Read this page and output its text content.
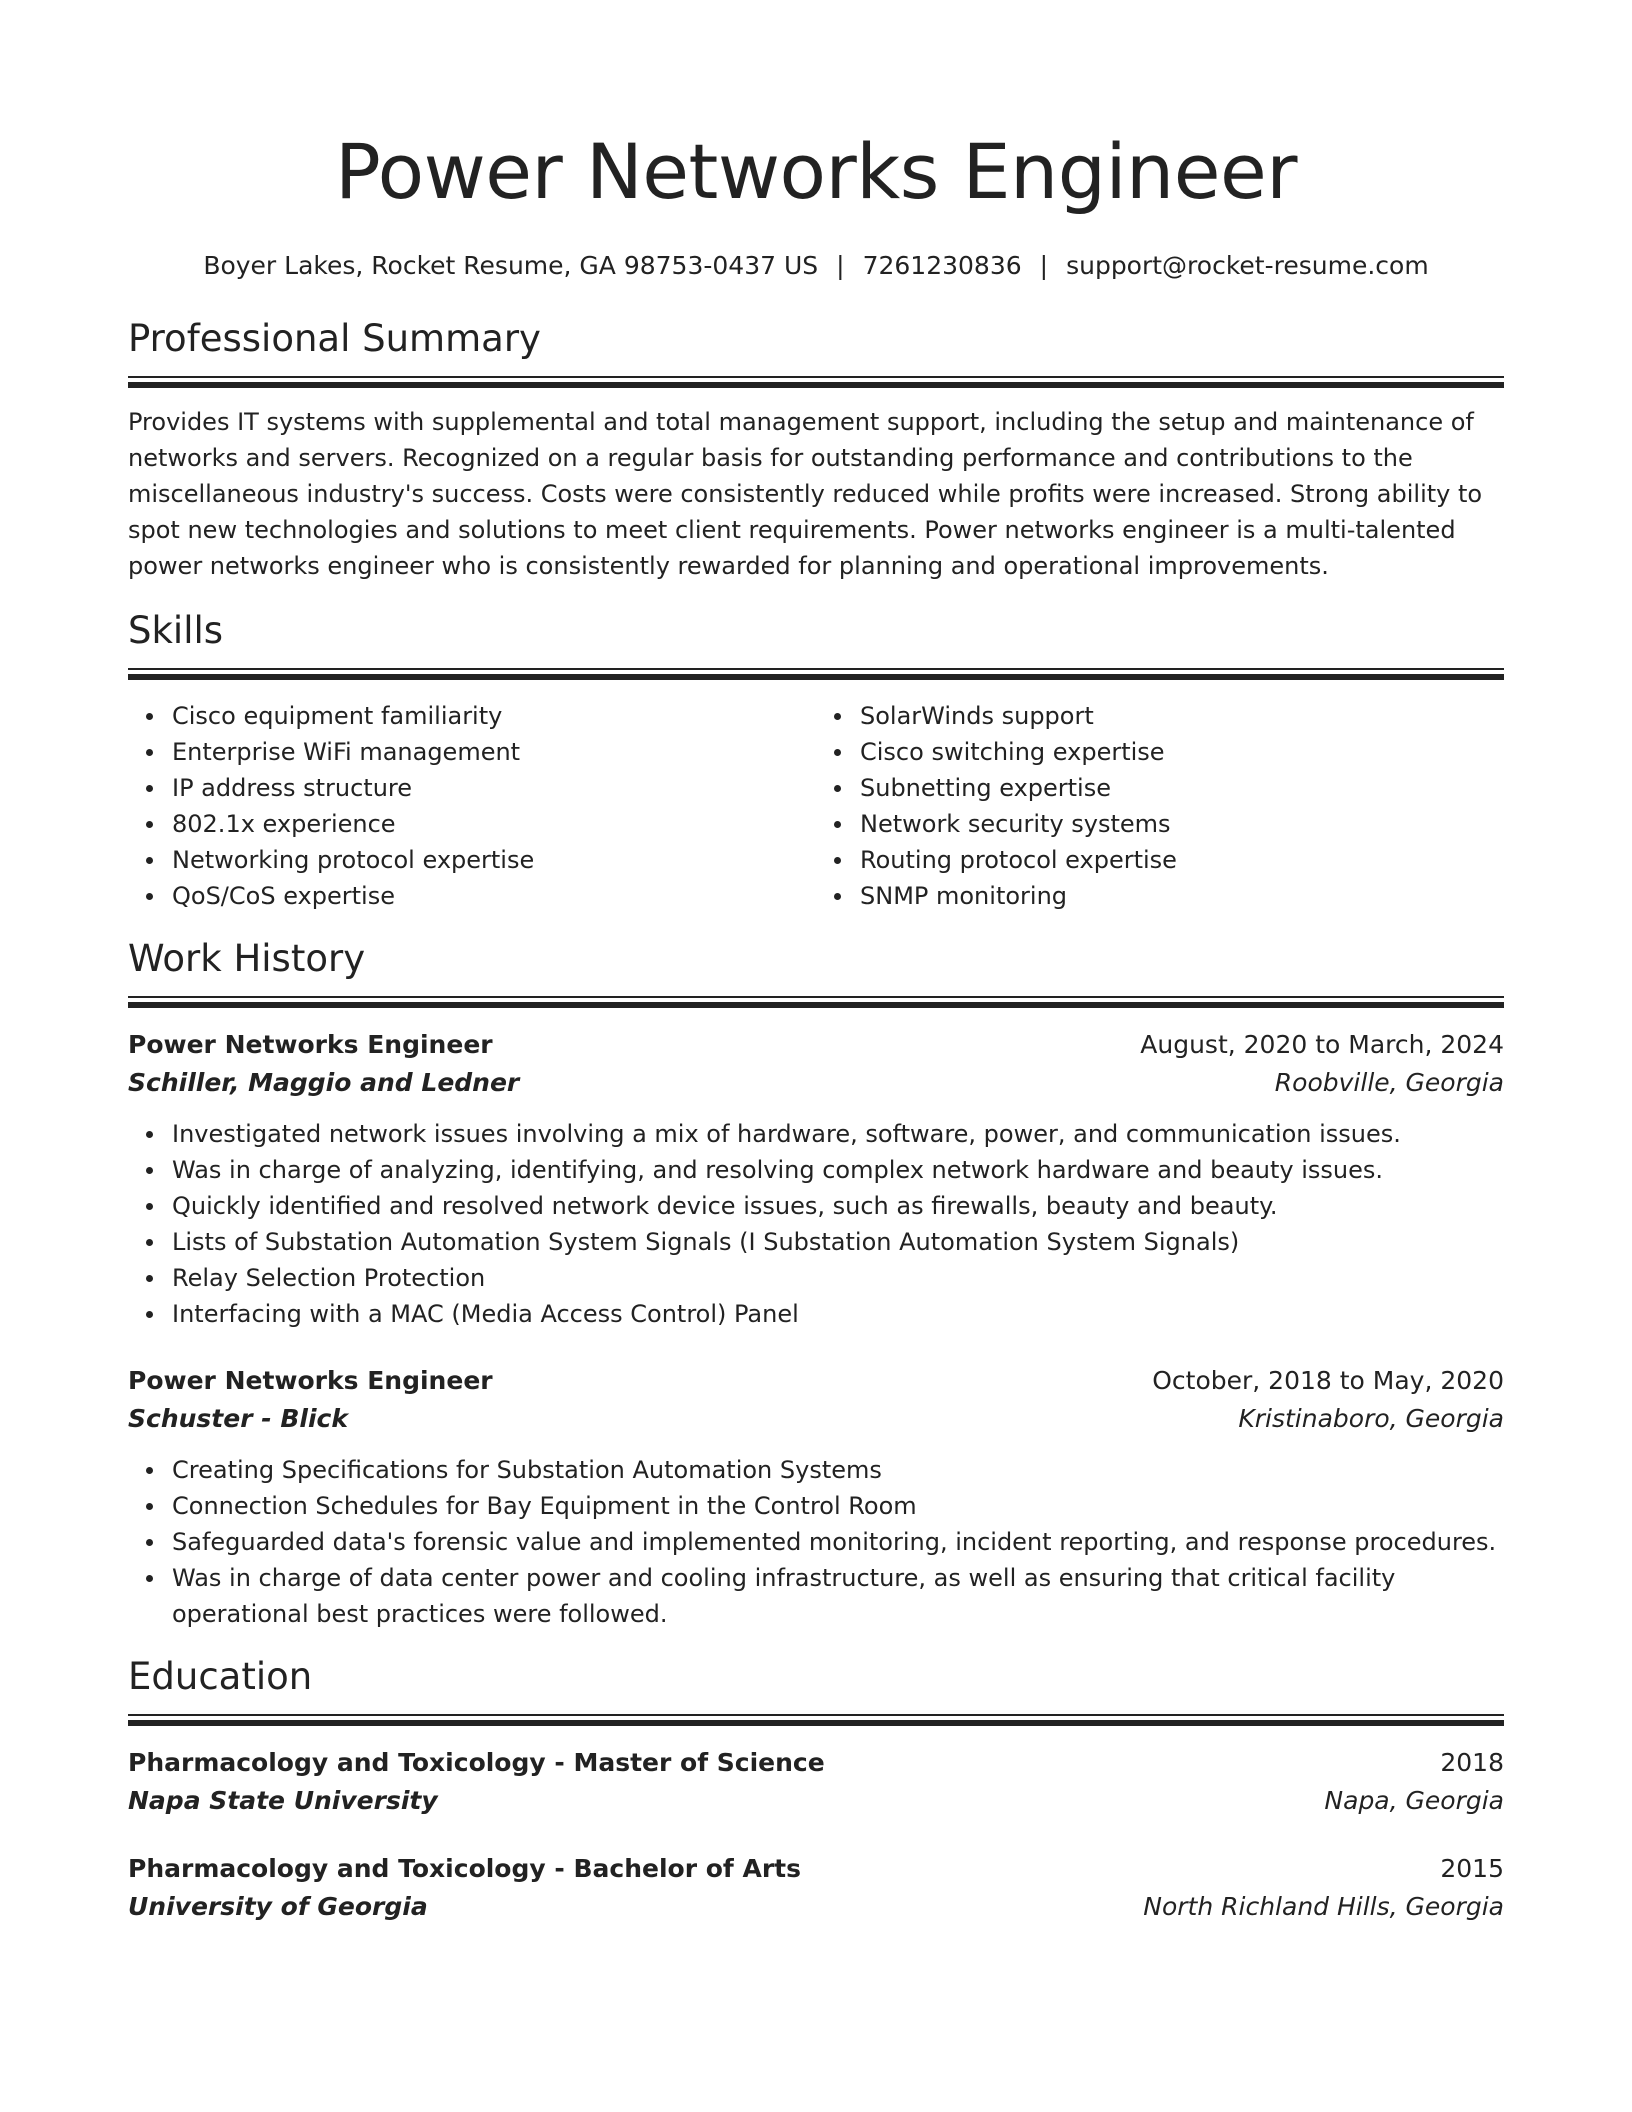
Power Networks Engineer
Boyer Lakes, Rocket Resume, GA 98753-0437 US | 7261230836 | support@rocket-resume.com
Professional Summary

Provides IT systems with supplemental and total management support, including the setup and maintenance of networks and servers. Recognized on a regular basis for outstanding performance and contributions to the miscellaneous industry's success. Costs were consistently reduced while profits were increased. Strong ability to spot new technologies and solutions to meet client requirements. Power networks engineer is a multi-talented power networks engineer who is consistently rewarded for planning and operational improvements.

Skills
Cisco equipment familiarity
Enterprise WiFi management
IP address structure
802.1x experience
Networking protocol expertise
QoS/CoS expertise
SolarWinds support
Cisco switching expertise
Subnetting expertise
Network security systems
Routing protocol expertise
SNMP monitoring
Work History
Power Networks Engineer	August, 2020 to March, 2024
Schiller, Maggio and Ledner	Roobville, Georgia
Investigated network issues involving a mix of hardware, software, power, and communication issues.
Was in charge of analyzing, identifying, and resolving complex network hardware and beauty issues.
Quickly identified and resolved network device issues, such as firewalls, beauty and beauty.
Lists of Substation Automation System Signals (I Substation Automation System Signals)
Relay Selection Protection
Interfacing with a MAC (Media Access Control) Panel
Power Networks Engineer	October, 2018 to May, 2020
Schuster - Blick	Kristinaboro, Georgia
Creating Specifications for Substation Automation Systems
Connection Schedules for Bay Equipment in the Control Room
Safeguarded data's forensic value and implemented monitoring, incident reporting, and response procedures.
Was in charge of data center power and cooling infrastructure, as well as ensuring that critical facility operational best practices were followed.
Education
Pharmacology and Toxicology - Master of Science	2018
Napa State University	Napa, Georgia
Pharmacology and Toxicology - Bachelor of Arts	2015
University of Georgia	North Richland Hills, Georgia
